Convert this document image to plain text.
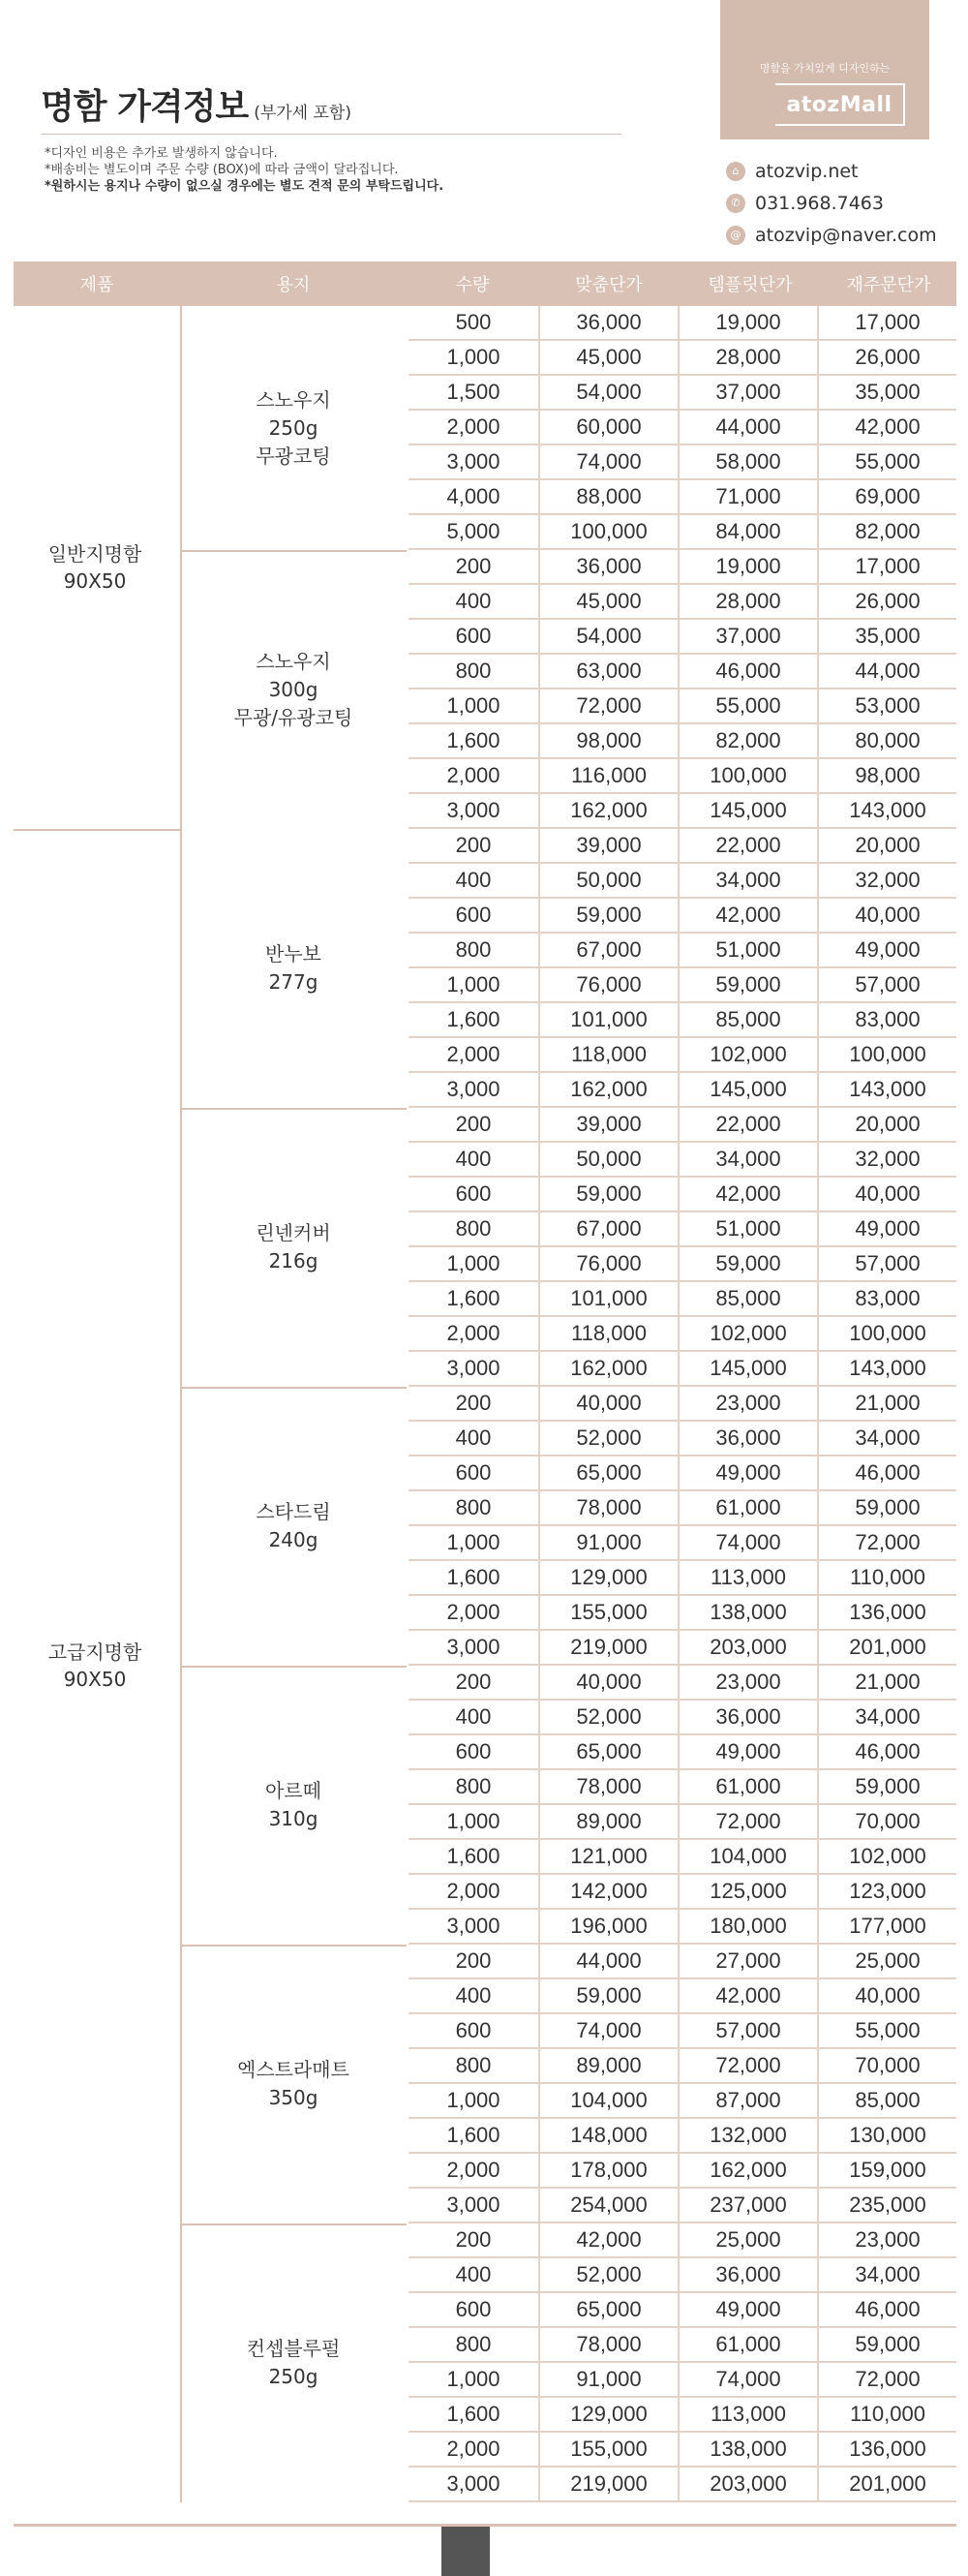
명함 가격정보 (부가세 포함)
*디자인 비용은 추가로 발생하지 않습니다.
*배송비는 별도이며 주문 수량 (BOX)에 따라 금액이 달라집니다.
*원하시는 용지나 수량이 없으실 경우에는 별도 견적 문의 부탁드립니다.
명함을 가치있게 디자인하는
atozMall
⌂ atozvip.net
✆ 031.968.7463
@ atozvip@naver.com
제품	용지	수량	맞춤단가	템플릿단가	재주문단가
일반지명함
90X50
스노우지
250g
무광코팅
500	36,000	19,000	17,000
1,000	45,000	28,000	26,000
1,500	54,000	37,000	35,000
2,000	60,000	44,000	42,000
3,000	74,000	58,000	55,000
4,000	88,000	71,000	69,000
5,000	100,000	84,000	82,000
스노우지
300g
무광/유광코팅
200	36,000	19,000	17,000
400	45,000	28,000	26,000
600	54,000	37,000	35,000
800	63,000	46,000	44,000
1,000	72,000	55,000	53,000
1,600	98,000	82,000	80,000
2,000	116,000	100,000	98,000
3,000	162,000	145,000	143,000
고급지명함
90X50
반누보
277g
200	39,000	22,000	20,000
400	50,000	34,000	32,000
600	59,000	42,000	40,000
800	67,000	51,000	49,000
1,000	76,000	59,000	57,000
1,600	101,000	85,000	83,000
2,000	118,000	102,000	100,000
3,000	162,000	145,000	143,000
린넨커버
216g
200	39,000	22,000	20,000
400	50,000	34,000	32,000
600	59,000	42,000	40,000
800	67,000	51,000	49,000
1,000	76,000	59,000	57,000
1,600	101,000	85,000	83,000
2,000	118,000	102,000	100,000
3,000	162,000	145,000	143,000
스타드림
240g
200	40,000	23,000	21,000
400	52,000	36,000	34,000
600	65,000	49,000	46,000
800	78,000	61,000	59,000
1,000	91,000	74,000	72,000
1,600	129,000	113,000	110,000
2,000	155,000	138,000	136,000
3,000	219,000	203,000	201,000
아르떼
310g
200	40,000	23,000	21,000
400	52,000	36,000	34,000
600	65,000	49,000	46,000
800	78,000	61,000	59,000
1,000	89,000	72,000	70,000
1,600	121,000	104,000	102,000
2,000	142,000	125,000	123,000
3,000	196,000	180,000	177,000
엑스트라매트
350g
200	44,000	27,000	25,000
400	59,000	42,000	40,000
600	74,000	57,000	55,000
800	89,000	72,000	70,000
1,000	104,000	87,000	85,000
1,600	148,000	132,000	130,000
2,000	178,000	162,000	159,000
3,000	254,000	237,000	235,000
컨셉블루펄
250g
200	42,000	25,000	23,000
400	52,000	36,000	34,000
600	65,000	49,000	46,000
800	78,000	61,000	59,000
1,000	91,000	74,000	72,000
1,600	129,000	113,000	110,000
2,000	155,000	138,000	136,000
3,000	219,000	203,000	201,000
